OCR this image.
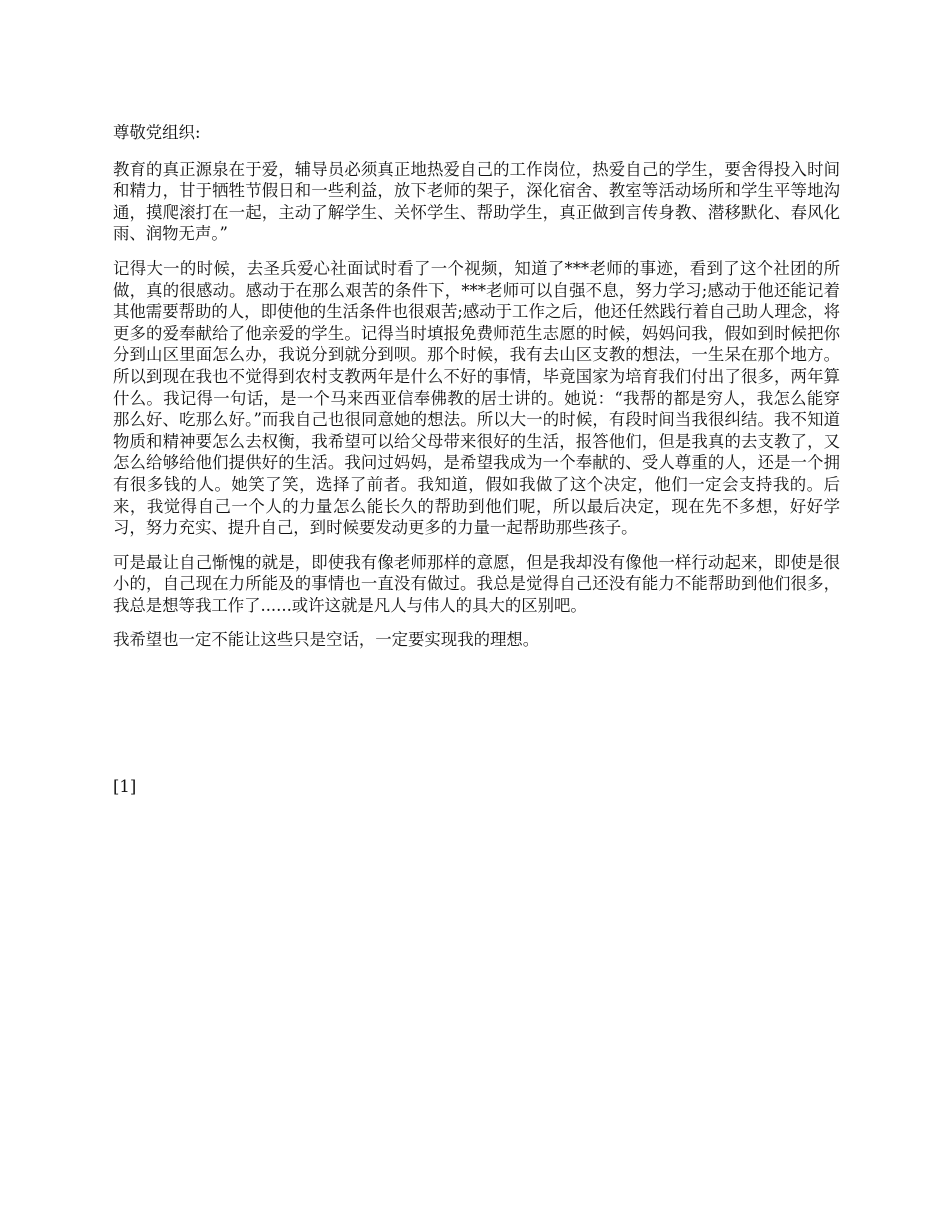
尊敬党组织:

教育的真正源泉在于爱，辅导员必须真正地热爱自己的工作岗位，热爱自己的学生，要舍得投入时间和精力，甘于牺牲节假日和一些利益，放下老师的架子，深化宿舍、教室等活动场所和学生平等地沟通，摸爬滚打在一起，主动了解学生、关怀学生、帮助学生，真正做到言传身教、潜移默化、春风化雨、润物无声。”

记得大一的时候，去圣兵爱心社面试时看了一个视频，知道了***老师的事迹，看到了这个社团的所做，真的很感动。感动于在那么艰苦的条件下，***老师可以自强不息，努力学习;感动于他还能记着其他需要帮助的人，即使他的生活条件也很艰苦;感动于工作之后，他还任然践行着自己助人理念，将更多的爱奉献给了他亲爱的学生。记得当时填报免费师范生志愿的时候，妈妈问我，假如到时候把你分到山区里面怎么办，我说分到就分到呗。那个时候，我有去山区支教的想法，一生呆在那个地方。所以到现在我也不觉得到农村支教两年是什么不好的事情，毕竟国家为培育我们付出了很多，两年算什么。我记得一句话，是一个马来西亚信奉佛教的居士讲的。她说：“我帮的都是穷人，我怎么能穿那么好、吃那么好。”而我自己也很同意她的想法。所以大一的时候，有段时间当我很纠结。我不知道物质和精神要怎么去权衡，我希望可以给父母带来很好的生活，报答他们，但是我真的去支教了，又怎么给够给他们提供好的生活。我问过妈妈，是希望我成为一个奉献的、受人尊重的人，还是一个拥有很多钱的人。她笑了笑，选择了前者。我知道，假如我做了这个决定，他们一定会支持我的。后来，我觉得自己一个人的力量怎么能长久的帮助到他们呢，所以最后决定，现在先不多想，好好学习，努力充实、提升自己，到时候要发动更多的力量一起帮助那些孩子。

可是最让自己惭愧的就是，即使我有像老师那样的意愿，但是我却没有像他一样行动起来，即使是很小的，自己现在力所能及的事情也一直没有做过。我总是觉得自己还没有能力不能帮助到他们很多，我总是想等我工作了......或许这就是凡人与伟人的具大的区别吧。

我希望也一定不能让这些只是空话，一定要实现我的理想。

[1]
